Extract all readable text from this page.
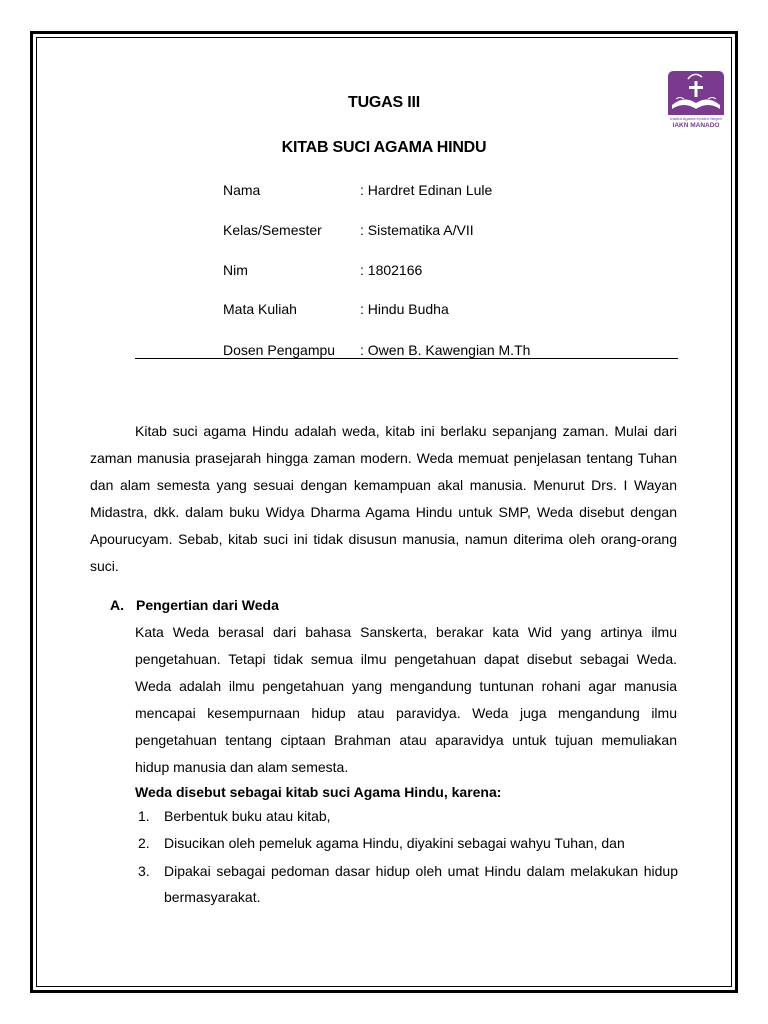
Institut Agama Kristen Negeri
IAKN MANADO
TUGAS III
KITAB SUCI AGAMA HINDU
Nama	: Hardret Edinan Lule
Kelas/Semester	: Sistematika A/VII
Nim	: 1802166
Mata Kuliah	: Hindu Budha
Dosen Pengampu : Owen B. Kawengian M.Th

Kitab suci agama Hindu adalah weda, kitab ini berlaku sepanjang zaman. Mulai dari zaman manusia prasejarah hingga zaman modern. Weda memuat penjelasan tentang Tuhan dan alam semesta yang sesuai dengan kemampuan akal manusia. Menurut Drs. I Wayan Midastra, dkk. dalam buku Widya Dharma Agama Hindu untuk SMP, Weda disebut dengan Apourucyam. Sebab, kitab suci ini tidak disusun manusia, namun diterima oleh orang-orang suci.

A. Pengertian dari Weda

Kata Weda berasal dari bahasa Sanskerta, berakar kata Wid yang artinya ilmu pengetahuan. Tetapi tidak semua ilmu pengetahuan dapat disebut sebagai Weda. Weda adalah ilmu pengetahuan yang mengandung tuntunan rohani agar manusia mencapai kesempurnaan hidup atau paravidya. Weda juga mengandung ilmu pengetahuan tentang ciptaan Brahman atau aparavidya untuk tujuan memuliakan hidup manusia dan alam semesta.

Weda disebut sebagai kitab suci Agama Hindu, karena:
1.	Berbentuk buku atau kitab,
2.	Disucikan oleh pemeluk agama Hindu, diyakini sebagai wahyu Tuhan, dan
3.	Dipakai sebagai pedoman dasar hidup oleh umat Hindu dalam melakukan hidup bermasyarakat.
